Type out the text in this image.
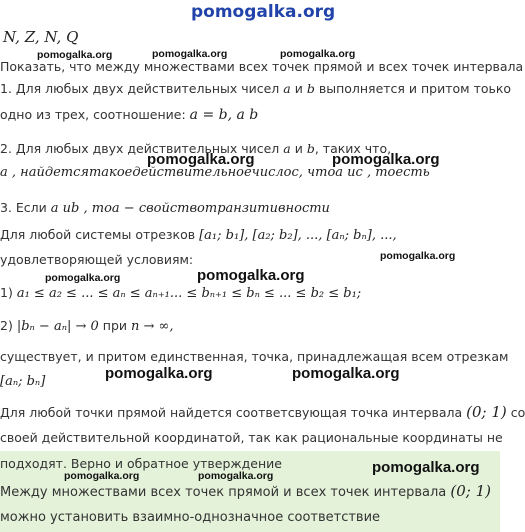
pomogalka.org
N, Z, N, Q
pomogalka.org	pomogalka.org	pomogalka.org
Показать, что между множествами всех точек прямой и всех точек интервала
1. Для любых двух действительных чисел a и b выполняется и притом тоько
одно из трех, соотношение: a = b, a b
2. Для любых двух действительных чисел a и b, таких что,
pomogalka.org	pomogalka.org
a , найдетсятакоедействительноечислос, чтоа ис , тоесть
3. Если a ub , тоа − свойствотранзитивности
Для любой системы отрезков [a₁; b₁], [a₂; b₂], ..., [aₙ; bₙ], ...,
удовлетворяющей условиям:	pomogalka.org
pomogalka.org
pomogalka.org
1) a₁ ≤ a₂ ≤ ... ≤ aₙ ≤ aₙ₊₁... ≤ bₙ₊₁ ≤ bₙ ≤ ... ≤ b₂ ≤ b₁;
2) |bₙ − aₙ| → 0 при n → ∞,
существует, и притом единственная, точка, принадлежащая всем отрезкам
[aₙ; bₙ]	pomogalka.org	pomogalka.org
Для любой точки прямой найдется соответсвующая точка интервала (0; 1) со
своей действительной координатой, так как рациональные координаты не
подходят. Верно и обратное утверждение
pomogalka.org	pomogalka.org	pomogalka.org
Между множествами всех точек прямой и всех точек интервала (0; 1)
можно установить взаимно-однозначное соответствие
